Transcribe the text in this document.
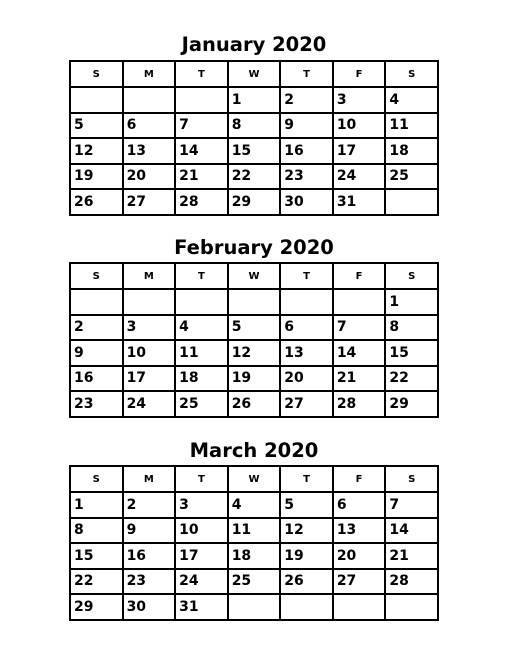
January 2020
S	M	T	W	T	F	S
			1	2	3	4
5	6	7	8	9	10	11
12	13	14	15	16	17	18
19	20	21	22	23	24	25
26	27	28	29	30	31	
February 2020
S	M	T	W	T	F	S
						1
2	3	4	5	6	7	8
9	10	11	12	13	14	15
16	17	18	19	20	21	22
23	24	25	26	27	28	29
March 2020
S	M	T	W	T	F	S
1	2	3	4	5	6	7
8	9	10	11	12	13	14
15	16	17	18	19	20	21
22	23	24	25	26	27	28
29	30	31				
